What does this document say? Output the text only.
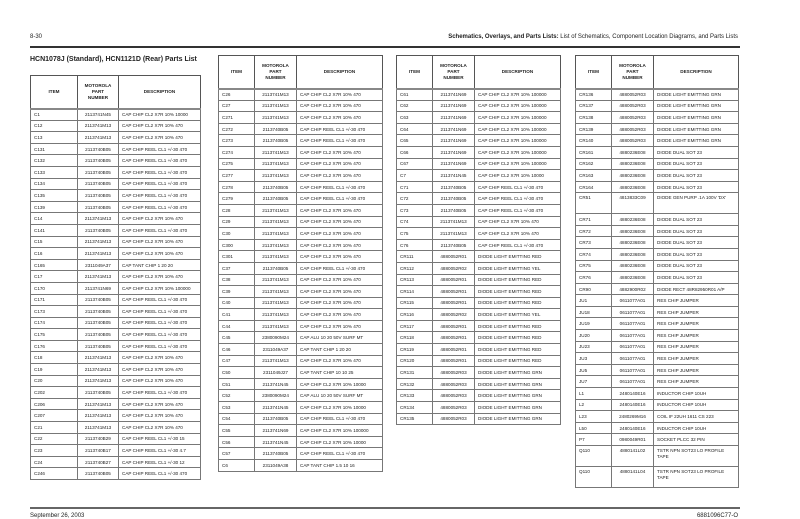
8-30	Schematics, Overlays, and Parts Lists: List of Schematics, Component Location Diagrams, and Parts Lists
HCN1078J (Standard), HCN1121D (Rear) Parts List
ITEM	MOTOROLA PART NUMBER	DESCRIPTION
C1	2113741N45	CAP CHIP CL2 X7R 10% 10000
C12	2113741M13	CAP CHIP CL2 X7R 10% 470
C13	2113741M13	CAP CHIP CL2 X7R 10% 470
C131	2113740B05	CAP CHIP REEL CL1 +/-30 470
C132	2113740B05	CAP CHIP REEL CL1 +/-30 470
C133	2113740B05	CAP CHIP REEL CL1 +/-30 470
C134	2113740B05	CAP CHIP REEL CL1 +/-30 470
C135	2113740B05	CAP CHIP REEL CL1 +/-30 470
C139	2113740B05	CAP CHIP REEL CL1 +/-30 470
C14	2113741M13	CAP CHIP CL2 X7R 10% 470
C141	2113740B05	CAP CHIP REEL CL1 +/-30 470
C15	2113741M13	CAP CHIP CL2 X7R 10% 470
C16	2113741M13	CAP CHIP CL2 X7R 10% 470
C165	2311049A37	CAP TANT CHIP 1 20 20
C17	2113741M13	CAP CHIP CL2 X7R 10% 470
C170	2113741N69	CAP CHIP CL2 X7R 10% 100000
C171	2113740B05	CAP CHIP REEL CL1 +/-30 470
C173	2113740B05	CAP CHIP REEL CL1 +/-30 470
C174	2113740B05	CAP CHIP REEL CL1 +/-30 470
C175	2113740B05	CAP CHIP REEL CL1 +/-30 470
C176	2113740B05	CAP CHIP REEL CL1 +/-30 470
C18	2113741M13	CAP CHIP CL2 X7R 10% 470
C19	2113741M13	CAP CHIP CL2 X7R 10% 470
C20	2113741M13	CAP CHIP CL2 X7R 10% 470
C202	2113740B05	CAP CHIP REEL CL1 +/-30 470
C206	2113741M13	CAP CHIP CL2 X7R 10% 470
C207	2113741M13	CAP CHIP CL2 X7R 10% 470
C21	2113741M13	CAP CHIP CL2 X7R 10% 470
C22	2113740B29	CAP CHIP REEL CL1 +/-30 15
C23	2113740B17	CAP CHIP REEL CL1 +/-30 4.7
C24	2113740B27	CAP CHIP REEL CL1 +/-30 12
C246	2113740B05	CAP CHIP REEL CL1 +/-30 470
ITEM	MOTOROLA PART NUMBER	DESCRIPTION
C26	2113741M13	CAP CHIP CL2 X7R 10% 470
C27	2113741M13	CAP CHIP CL2 X7R 10% 470
C271	2113741M13	CAP CHIP CL2 X7R 10% 470
C272	2113740B05	CAP CHIP REEL CL1 +/-30 470
C273	2113740B05	CAP CHIP REEL CL1 +/-30 470
C274	2113741M13	CAP CHIP CL2 X7R 10% 470
C275	2113741M13	CAP CHIP CL2 X7R 10% 470
C277	2113741M13	CAP CHIP CL2 X7R 10% 470
C278	2113740B05	CAP CHIP REEL CL1 +/-30 470
C279	2113740B05	CAP CHIP REEL CL1 +/-30 470
C28	2113741M13	CAP CHIP CL2 X7R 10% 470
C29	2113741M13	CAP CHIP CL2 X7R 10% 470
C30	2113741M13	CAP CHIP CL2 X7R 10% 470
C300	2113741M13	CAP CHIP CL2 X7R 10% 470
C301	2113741M13	CAP CHIP CL2 X7R 10% 470
C37	2113740B05	CAP CHIP REEL CL1 +/-30 470
C38	2113741M13	CAP CHIP CL2 X7R 10% 470
C39	2113741M13	CAP CHIP CL2 X7R 10% 470
C40	2113741M13	CAP CHIP CL2 X7R 10% 470
C41	2113741M13	CAP CHIP CL2 X7R 10% 470
C44	2113741M13	CAP CHIP CL2 X7R 10% 470
C45	2380090M24	CAP ALU 10 20 50V SURF MT
C46	2311049A37	CAP TANT CHIP 1 20 20
C47	2113741M13	CAP CHIP CL2 X7R 10% 470
C50	2311049J27	CAP TANT CHIP 10 10 25
C51	2113741N45	CAP CHIP CL2 X7R 10% 10000
C52	2380090M24	CAP ALU 10 20 50V SURF MT
C53	2113741N45	CAP CHIP CL2 X7R 10% 10000
C54	2113740B05	CAP CHIP REEL CL1 +/-30 470
C55	2113741N69	CAP CHIP CL2 X7R 10% 100000
C56	2113741N45	CAP CHIP CL2 X7R 10% 10000
C57	2113740B05	CAP CHIP REEL CL1 +/-30 470
C6	2311049A38	CAP TANT CHIP 1.5 10 16
ITEM	MOTOROLA PART NUMBER	DESCRIPTION
C61	2113741N69	CAP CHIP CL2 X7R 10% 100000
C62	2113741N69	CAP CHIP CL2 X7R 10% 100000
C63	2113741N69	CAP CHIP CL2 X7R 10% 100000
C64	2113741N69	CAP CHIP CL2 X7R 10% 100000
C65	2113741N69	CAP CHIP CL2 X7R 10% 100000
C66	2113741N69	CAP CHIP CL2 X7R 10% 100000
C67	2113741N69	CAP CHIP CL2 X7R 10% 100000
C7	2113741N45	CAP CHIP CL2 X7R 10% 10000
C71	2113740B05	CAP CHIP REEL CL1 +/-30 470
C72	2113740B05	CAP CHIP REEL CL1 +/-30 470
C73	2113740B05	CAP CHIP REEL CL1 +/-30 470
C74	2113741M13	CAP CHIP CL2 X7R 10% 470
C75	2113741M13	CAP CHIP CL2 X7R 10% 470
C76	2113740B05	CAP CHIP REEL CL1 +/-30 470
CR111	4880052R01	DIODE LIGHT EMITTING RED
CR112	4880052R02	DIODE LIGHT EMITTING YEL
CR113	4880052R01	DIODE LIGHT EMITTING RED
CR114	4880052R01	DIODE LIGHT EMITTING RED
CR115	4880052R01	DIODE LIGHT EMITTING RED
CR116	4880052R02	DIODE LIGHT EMITTING YEL
CR117	4880052R01	DIODE LIGHT EMITTING RED
CR118	4880052R01	DIODE LIGHT EMITTING RED
CR119	4880052R01	DIODE LIGHT EMITTING RED
CR120	4880052R01	DIODE LIGHT EMITTING RED
CR131	4880052R03	DIODE LIGHT EMITTING GRN
CR132	4880052R03	DIODE LIGHT EMITTING GRN
CR133	4880052R03	DIODE LIGHT EMITTING GRN
CR134	4880052R03	DIODE LIGHT EMITTING GRN
CR135	4880052R03	DIODE LIGHT EMITTING GRN
ITEM	MOTOROLA PART NUMBER	DESCRIPTION
CR136	4880052R03	DIODE LIGHT EMITTING GRN
CR137	4880052R03	DIODE LIGHT EMITTING GRN
CR138	4880052R03	DIODE LIGHT EMITTING GRN
CR139	4880052R03	DIODE LIGHT EMITTING GRN
CR140	4880052R03	DIODE LIGHT EMITTING GRN
CR161	4880236E08	DIODE DUAL SOT 23
CR162	4880236E08	DIODE DUAL SOT 23
CR163	4880236E08	DIODE DUAL SOT 23
CR164	4880236E08	DIODE DUAL SOT 23
CR51	4813833C09	DIODE GEN PURP .1A 100V 'DX'
CR71	4880236E08	DIODE DUAL SOT 23
CR72	4880236E08	DIODE DUAL SOT 23
CR73	4880236E08	DIODE DUAL SOT 23
CR74	4880236E08	DIODE DUAL SOT 23
CR75	4880236E08	DIODE DUAL SOT 23
CR76	4880236E08	DIODE DUAL SOT 23
CR90	4882900R02	DIODE RECT 48R82950R01 A/P
JU1	0611077A01	RES CHIP JUMPER
JU18	0611077A01	RES CHIP JUMPER
JU19	0611077A01	RES CHIP JUMPER
JU20	0611077A01	RES CHIP JUMPER
JU23	0611077A01	RES CHIP JUMPER
JU3	0611077A01	RES CHIP JUMPER
JU5	0611077A01	RES CHIP JUMPER
JU7	0611077A01	RES CHIP JUMPER
L1	2480140E16	INDUCTOR CHIP 10UH
L2	2480140E16	INDUCTOR CHIP 10UH
L23	2480269M16	COIL IF 22UH 1611 CS 223
L50	2480140E16	INDUCTOR CHIP 10UH
P7	0980049R01	SOCKET PLCC 32 PIN
Q110	4880141L02	TSTR NPN SOT23 LO PROFILE TAPE
Q110	4880141L04	TSTR NPN SOT23 LO PROFILE TAPE
September 26, 2003	6881096C77-O
